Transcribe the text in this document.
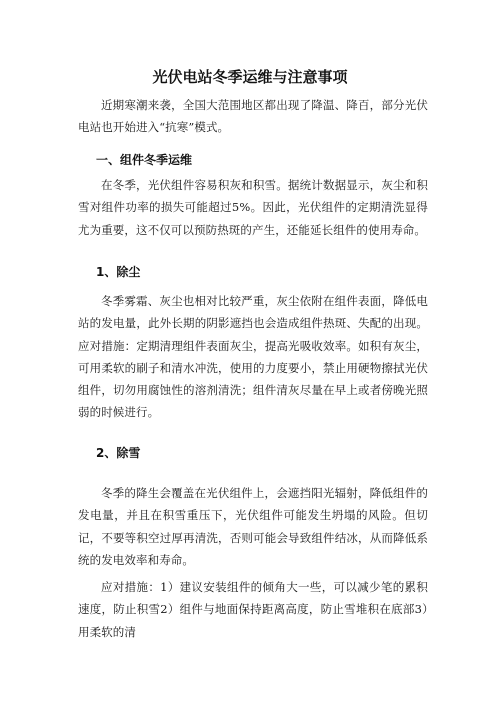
光伏电站冬季运维与注意事项

近期寒潮来袭，全国大范围地区都出现了降温、降百，部分光伏电站也开始进入“抗寒”模式。

一、组件冬季运维

在冬季，光伏组件容易积灰和积雪。据统计数据显示，灰尘和积雪对组件功率的损失可能超过5%。因此，光伏组件的定期清洗显得尤为重要，这不仅可以预防热斑的产生，还能延长组件的使用寿命。

1、除尘

冬季雾霜、灰尘也相对比较严重，灰尘依附在组件表面，降低电站的发电量，此外长期的阴影遮挡也会造成组件热斑、失配的出现。应对措施：定期清理组件表面灰尘，提高光吸收效率。如积有灰尘，可用柔软的刷子和清水冲洗，使用的力度要小，禁止用硬物擦拭光伏组件，切勿用腐蚀性的溶剂清洗；组件清灰尽量在早上或者傍晚光照弱的时候进行。

2、除雪

冬季的降生会覆盖在光伏组件上，会遮挡阳光辐射，降低组件的发电量，并且在积雪重压下，光伏组件可能发生坍塌的风险。但切记，不要等积空过厚再清洗，否则可能会导致组件结冰，从而降低系统的发电效率和寿命。

应对措施：1）建议安装组件的倾角大一些，可以减少笔的累积速度，防止积雪2）组件与地面保持距离高度，防止雪堆积在底部3）用柔软的清
